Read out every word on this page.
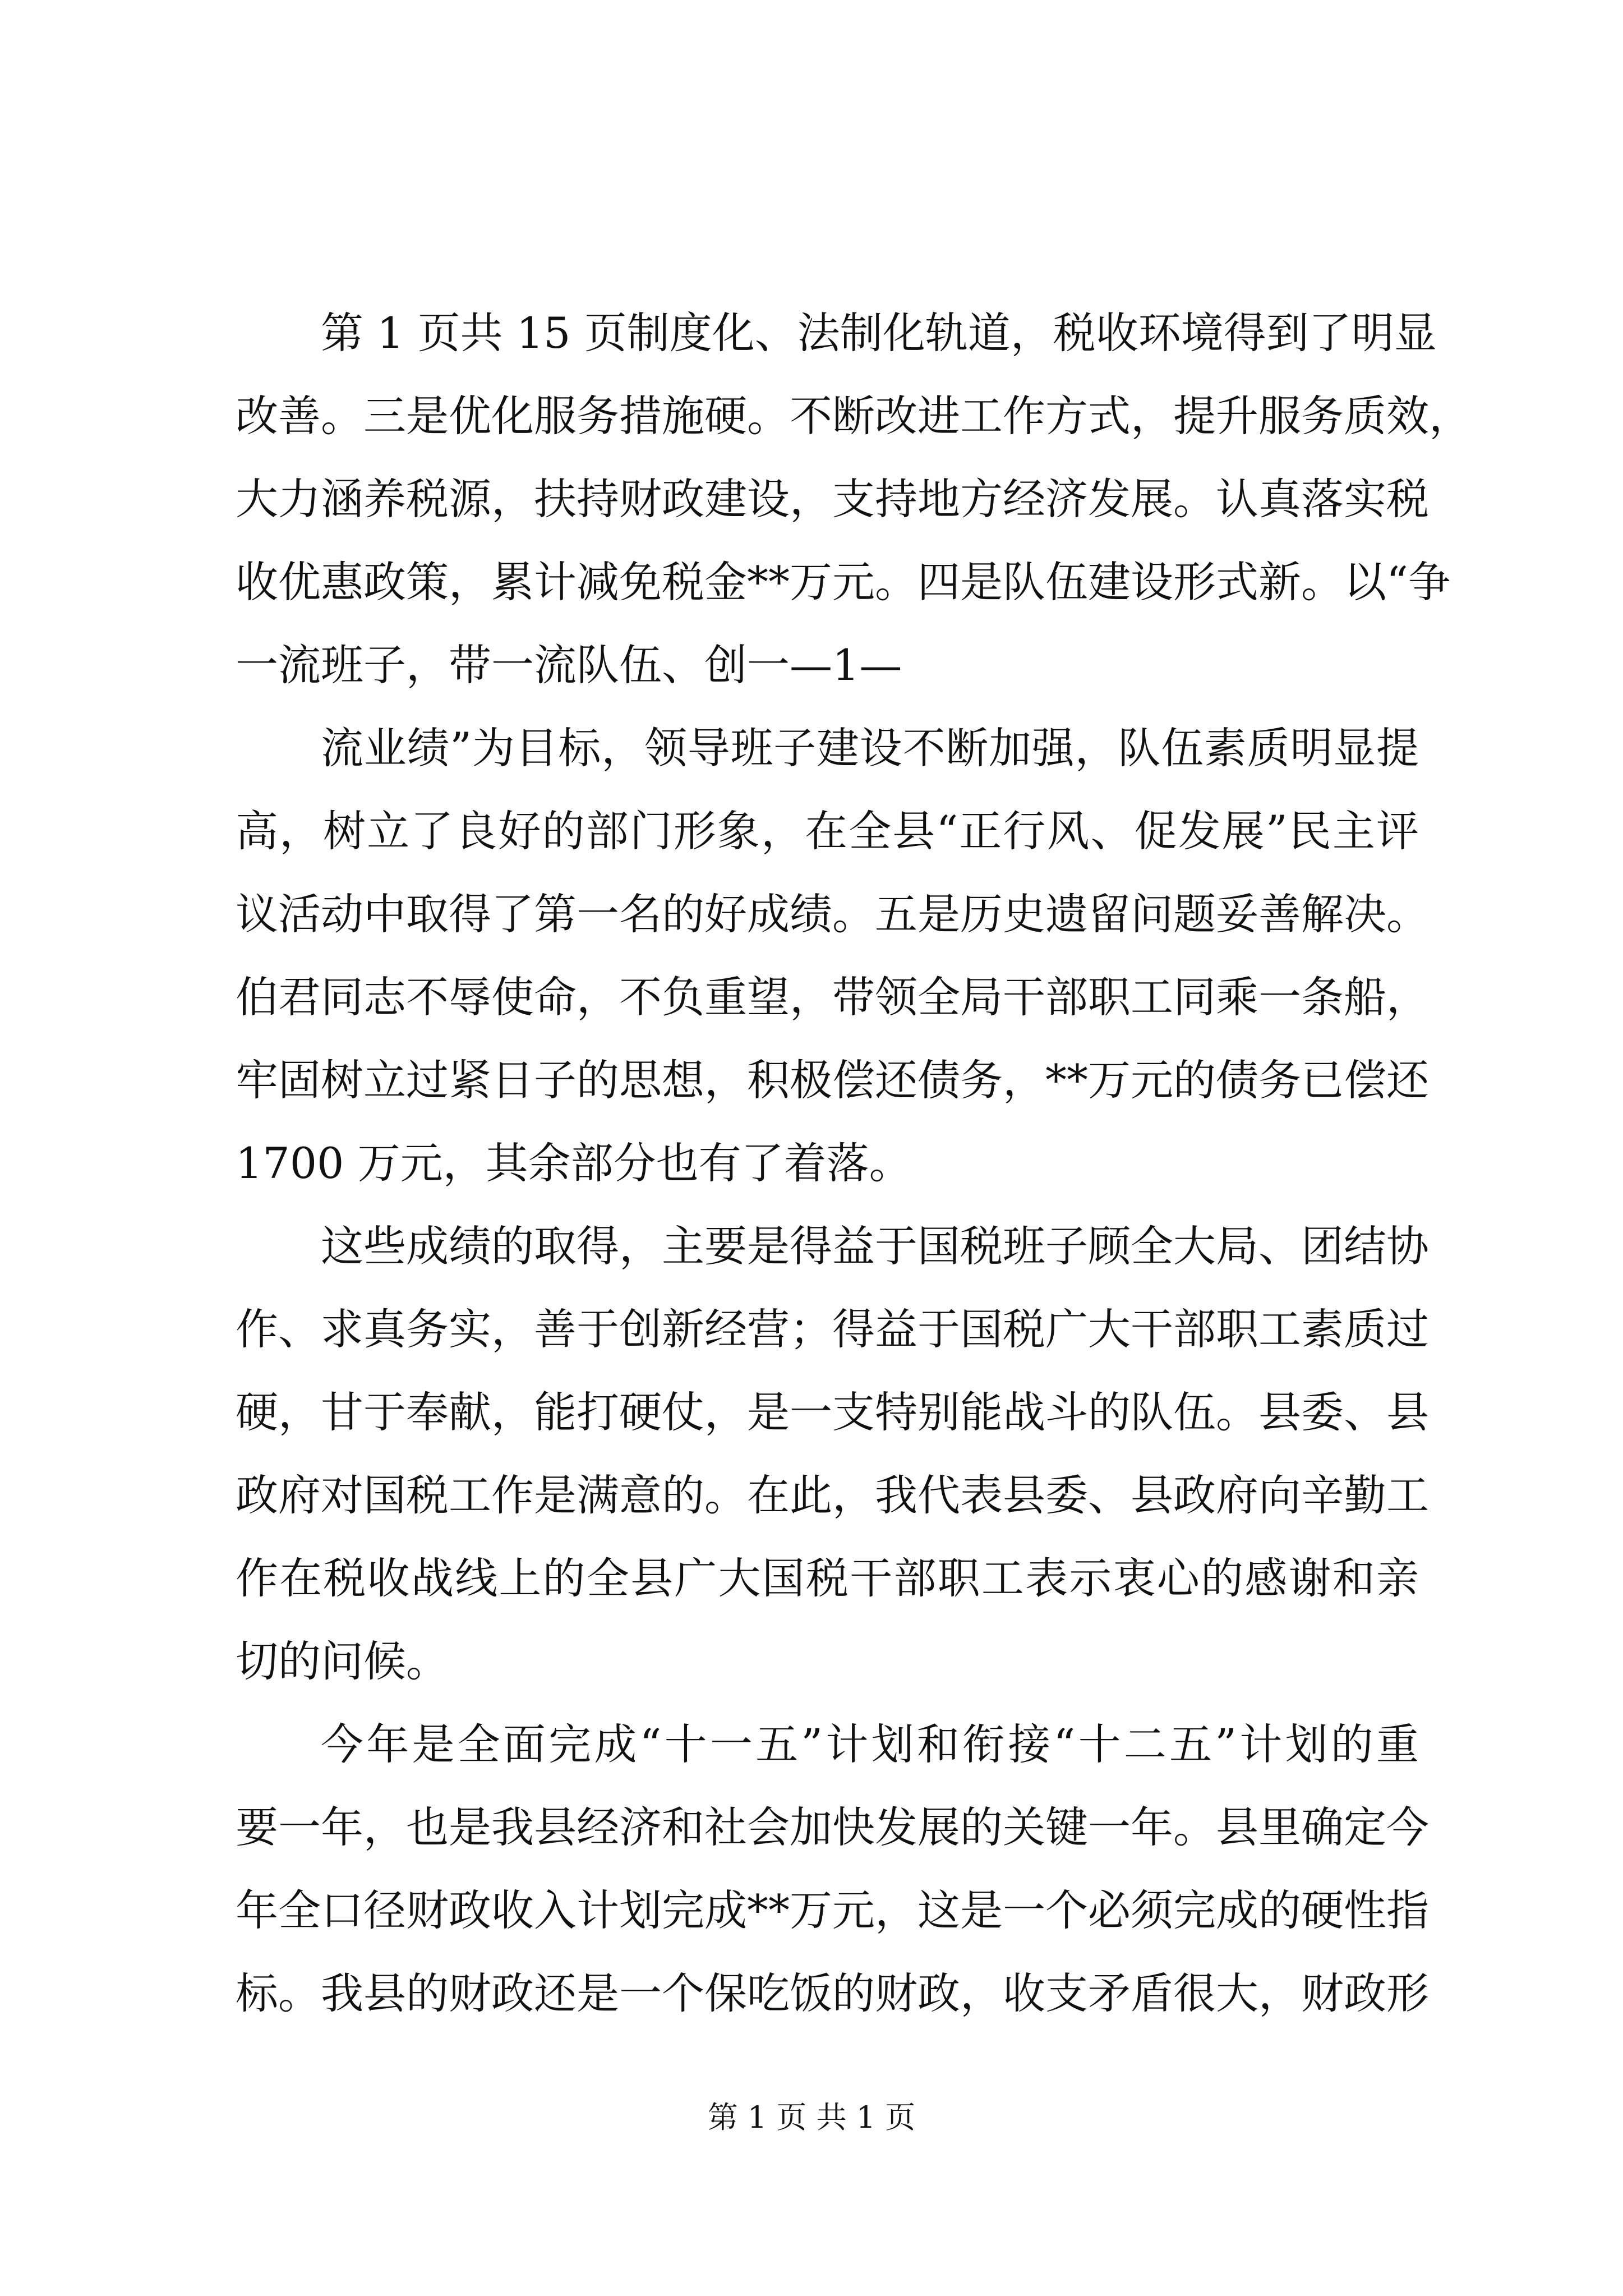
第 1 页共 15 页制度化、法制化轨道，税收环境得到了明显
改善。三是优化服务措施硬。不断改进工作方式，提升服务质效，
大力涵养税源，扶持财政建设，支持地方经济发展。认真落实税
收优惠政策，累计减免税金**万元。四是队伍建设形式新。以“争
一流班子，带一流队伍、创一—1—
流业绩”为目标，领导班子建设不断加强，队伍素质明显提
高，树立了良好的部门形象，在全县“正行风、促发展”民主评
议活动中取得了第一名的好成绩。五是历史遗留问题妥善解决。
伯君同志不辱使命，不负重望，带领全局干部职工同乘一条船，
牢固树立过紧日子的思想，积极偿还债务，**万元的债务已偿还
1700 万元，其余部分也有了着落。
这些成绩的取得，主要是得益于国税班子顾全大局、团结协
作、求真务实，善于创新经营；得益于国税广大干部职工素质过
硬，甘于奉献，能打硬仗，是一支特别能战斗的队伍。县委、县
政府对国税工作是满意的。在此，我代表县委、县政府向辛勤工
作在税收战线上的全县广大国税干部职工表示衷心的感谢和亲
切的问候。
今年是全面完成“十一五”计划和衔接“十二五”计划的重
要一年，也是我县经济和社会加快发展的关键一年。县里确定今
年全口径财政收入计划完成**万元，这是一个必须完成的硬性指
标。我县的财政还是一个保吃饭的财政，收支矛盾很大，财政形
第 1 页 共 1 页
